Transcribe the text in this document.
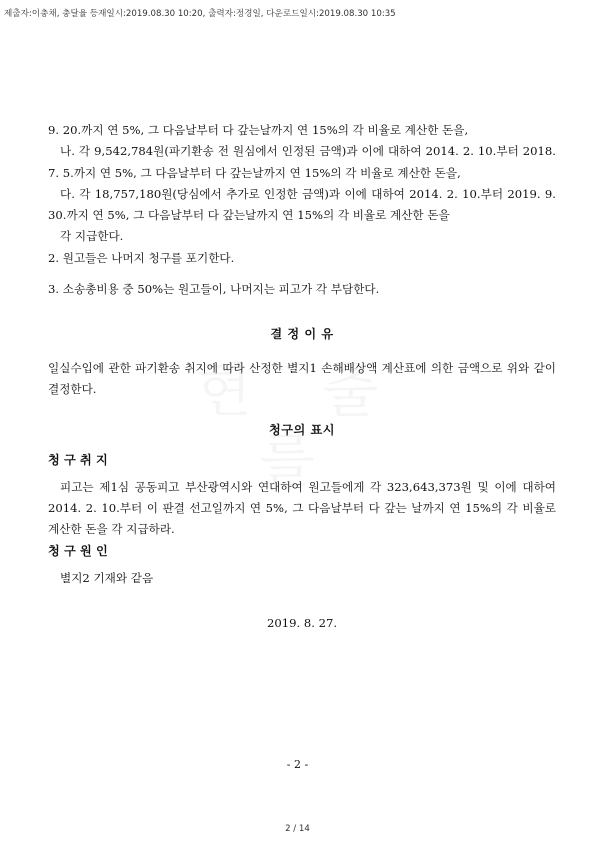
제출자:이충채, 충달율 등재일시:2019.08.30 10:20, 출력자:정경일, 다운로드일시:2019.08.30 10:35

9. 20.까지 연 5%, 그 다음날부터 다 갚는날까지 연 15%의 각 비율로 계산한 돈을,

나. 각 9,542,784원(파기환송 전 원심에서 인정된 금액)과 이에 대하여 2014. 2. 10.부터 2018. 7. 5.까지 연 5%, 그 다음날부터 다 갚는날까지 연 15%의 각 비율로 계산한 돈을,

다. 각 18,757,180원(당심에서 추가로 인정한 금액)과 이에 대하여 2014. 2. 10.부터 2019. 9. 30.까지 연 5%, 그 다음날부터 다 갚는날까지 연 15%의 각 비율로 계산한 돈을

각 지급한다.

2. 원고들은 나머지 청구를 포기한다.

3. 소송총비용 중 50%는 원고들이, 나머지는 피고가 각 부담한다.

결 정 이 유

일실수입에 관한 파기환송 취지에 따라 산정한 별지1 손해배상액 계산표에 의한 금액으로 위와 같이 결정한다.

청구의 표시

청 구 취 지

피고는 제1심 공동피고 부산광역시와 연대하여 원고들에게 각 323,643,373원 및 이에 대하여 2014. 2. 10.부터 이 판결 선고일까지 연 5%, 그 다음날부터 다 갚는 날까지 연 15%의 각 비율로 계산한 돈을 각 지급하라.

청 구 원 인

별지2 기재와 같음

2019. 8. 27.

- 2 -
2 / 14
